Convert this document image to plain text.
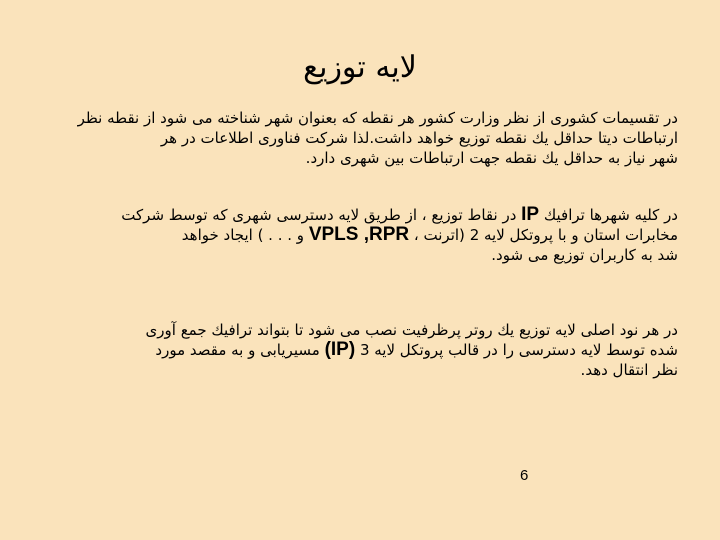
لایه توزیع
در تقسیمات کشوری از نظر وزارت کشور هر نقطه که بعنوان شهر شناخته می شود از نقطه نظر
ارتباطات دیتا حداقل یك نقطه توزیع خواهد داشت.لذا شرکت فناوری اطلاعات در هر
شهر نیاز به حداقل یك نقطه جهت ارتباطات بین شهری دارد.
در کلیه شهرها ترافیك IP در نقاط توزیع ، از طریق لایه دسترسی شهری که توسط شرکت
مخابرات استان و با پروتکل لایه 2 (اترنت ، VPLS ,RPR و . . . ) ایجاد خواهد
شد به کاربران توزیع می شود.
در هر نود اصلی لایه توزیع یك روتر پرظرفیت نصب می شود تا بتواند ترافیك جمع آوری
شده توسط لایه دسترسی را در قالب پروتکل لایه 3 (IP) مسیریابی و به مقصد مورد
نظر انتقال دهد.
6
